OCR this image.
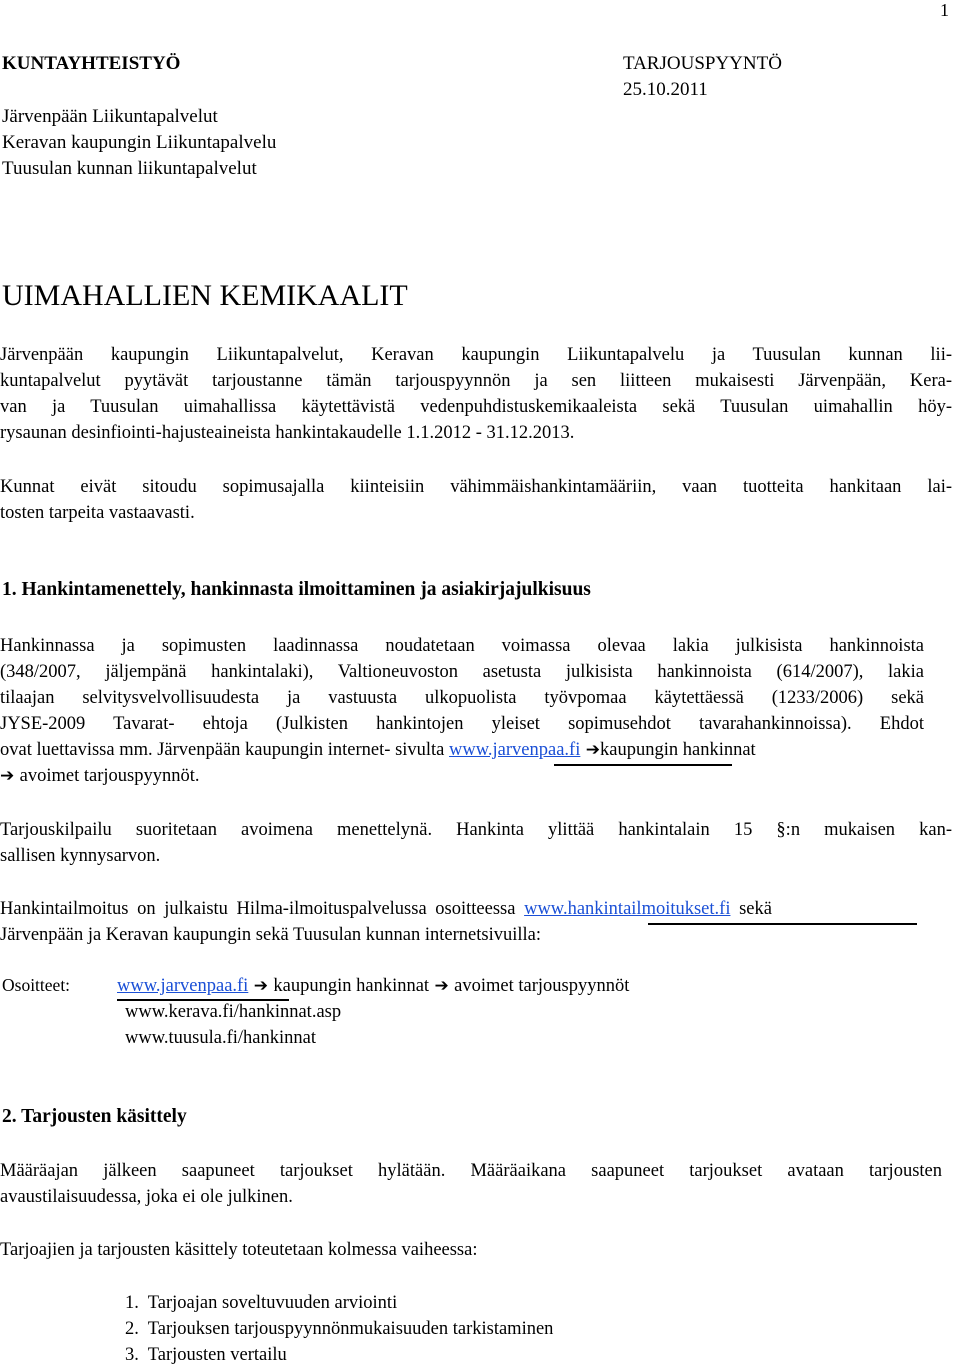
1
KUNTAYHTEISTYÖ	TARJOUSPYYNTÖ
25.10.2011
Järvenpään Liikuntapalvelut
Keravan kaupungin Liikuntapalvelu
Tuusulan kunnan liikuntapalvelut
UIMAHALLIEN KEMIKAALIT
Järvenpään kaupungin Liikuntapalvelut, Keravan kaupungin Liikuntapalvelu ja Tuusulan kunnan lii-
kuntapalvelut pyytävät tarjoustanne tämän tarjouspyynnön ja sen liitteen mukaisesti Järvenpään, Kera-
van ja Tuusulan uimahallissa käytettävistä vedenpuhdistuskemikaaleista sekä Tuusulan uimahallin höy-
rysaunan desinfiointi-hajusteaineista hankintakaudelle 1.1.2012 - 31.12.2013.
Kunnat eivät sitoudu sopimusajalla kiinteisiin vähimmäishankintamääriin, vaan tuotteita hankitaan lai-
tosten tarpeita vastaavasti.
1. Hankintamenettely, hankinnasta ilmoittaminen ja asiakirjajulkisuus
Hankinnassa ja sopimusten laadinnassa noudatetaan voimassa olevaa lakia julkisista hankinnoista
(348/2007, jäljempänä hankintalaki), Valtioneuvoston asetusta julkisista hankinnoista (614/2007), lakia
tilaajan selvitysvelvollisuudesta ja vastuusta ulkopuolista työvpomaa käytettäessä (1233/2006) sekä
JYSE-2009 Tavarat- ehtoja (Julkisten hankintojen yleiset sopimusehdot tavarahankinnoissa). Ehdot
ovat luettavissa mm. Järvenpään kaupungin internet- sivulta www.jarvenpaa.fi ➔kaupungin hankinnat
➔ avoimet tarjouspyynnöt.
Tarjouskilpailu suoritetaan avoimena menettelynä. Hankinta ylittää hankintalain 15 §:n mukaisen kan-
sallisen kynnysarvon.
Hankintailmoitus on julkaistu Hilma-ilmoituspalvelussa osoitteessa www.hankintailmoitukset.fi sekä
Järvenpään ja Keravan kaupungin sekä Tuusulan kunnan internetsivuilla:
Osoitteet:	www.jarvenpaa.fi ➔ kaupungin hankinnat ➔ avoimet tarjouspyynnöt
www.kerava.fi/hankinnat.asp
www.tuusula.fi/hankinnat
2. Tarjousten käsittely
Määräajan jälkeen saapuneet tarjoukset hylätään. Määräaikana saapuneet tarjoukset avataan tarjousten
avaustilaisuudessa, joka ei ole julkinen.
Tarjoajien ja tarjousten käsittely toteutetaan kolmessa vaiheessa:
1.  Tarjoajan soveltuvuuden arviointi
2.  Tarjouksen tarjouspyynnönmukaisuuden tarkistaminen
3.  Tarjousten vertailu
